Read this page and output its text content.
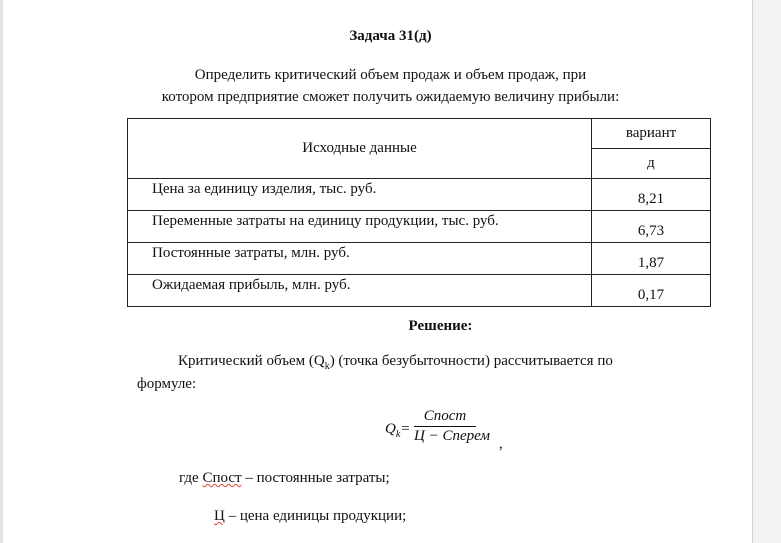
Задача 31(д)
Определить критический объем продаж и объем продаж, при
котором предприятие сможет получить ожидаемую величину прибыли:
Исходные данные	вариант
	д
Цена за единицу изделия, тыс. руб.	8,21
Переменные затраты на единицу продукции, тыс. руб.	6,73
Постоянные затраты, млн. руб.	1,87
Ожидаемая прибыль, млн. руб.	0,17
Решение:
Критический объем $(Q_k)$ (точка безубыточности) рассчитывается по
формуле:
$Q_k=$
Спост
Ц − Сперем ,
где Спост – постоянные затраты;
Ц – цена единицы продукции;
